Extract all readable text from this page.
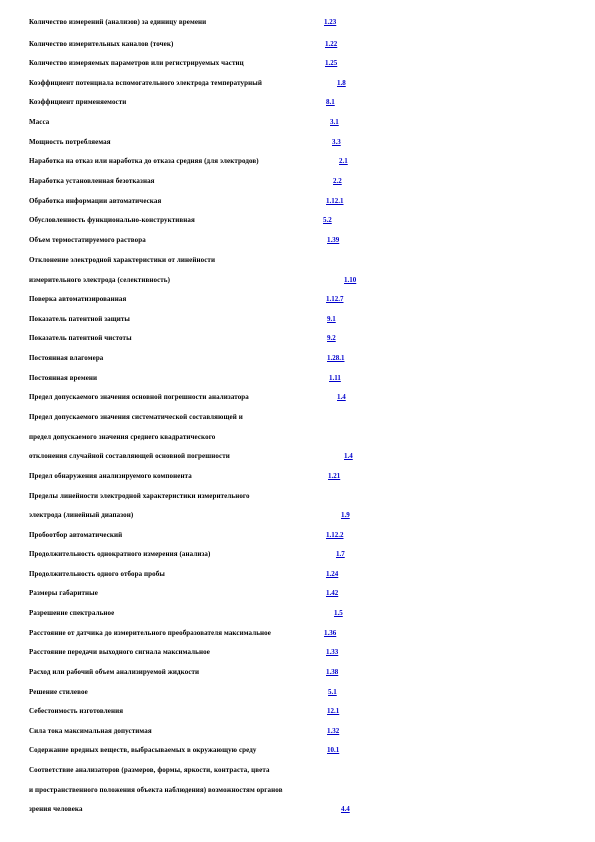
Количество измерений (анализов) за единицу времени	1.23
Количество измерительных каналов (точек)	1.22
Количество измеряемых параметров или регистрируемых частиц	1.25
Коэффициент потенциала вспомогательного электрода температурный	1.8
Коэффициент применяемости	8.1
Масса	3.1
Мощность потребляемая	3.3
Наработка на отказ или наработка до отказа средняя (для электродов)	2.1
Наработка установленная безотказная	2.2
Обработка информации автоматическая	1.12.1
Обусловленность функционально-конструктивная	5.2
Объем термостатируемого раствора	1.39
Отклонение электродной характеристики от линейности
измерительного электрода (селективность)	1.10
Поверка автоматизированная	1.12.7
Показатель патентной защиты	9.1
Показатель патентной чистоты	9.2
Постоянная влагомера	1.28.1
Постоянная времени	1.11
Предел допускаемого значения основной погрешности анализатора	1.4
Предел допускаемого значения систематической составляющей и
предел допускаемого значения среднего квадратического
отклонения случайной составляющей основной погрешности	1.4
Предел обнаружения анализируемого компонента	1.21
Пределы линейности электродной характеристики измерительного
электрода (линейный диапазон)	1.9
Пробоотбор автоматический	1.12.2
Продолжительность однократного измерения (анализа)	1.7
Продолжительность одного отбора пробы	1.24
Размеры габаритные	1.42
Разрешение спектральное	1.5
Расстояние от датчика до измерительного преобразователя максимальное	1.36
Расстояние передачи выходного сигнала максимальное	1.33
Расход или рабочий объем анализируемой жидкости	1.38
Решение стилевое	5.1
Себестоимость изготовления	12.1
Сила тока максимальная допустимая	1.32
Содержание вредных веществ, выбрасываемых в окружающую среду	10.1
Соответствие анализаторов (размеров, формы, яркости, контраста, цвета
и пространственного положения объекта наблюдения) возможностям органов
зрения человека	4.4
